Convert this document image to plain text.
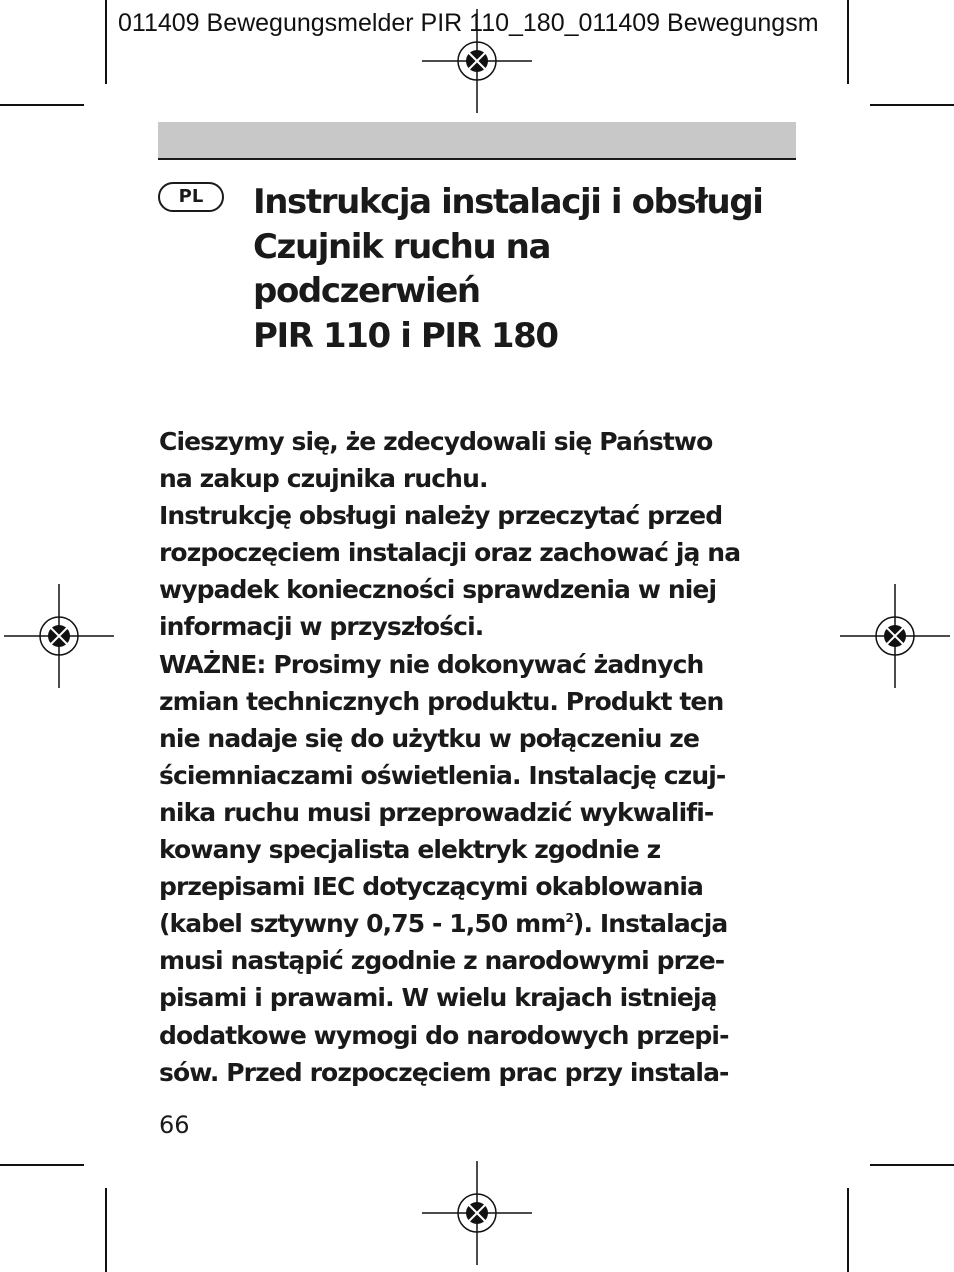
011409 Bewegungsmelder PIR 110_180_011409 Bewegungsm
PL	Instrukcja instalacji i obsługi
Czujnik ruchu na
podczerwień
PIR 110 i PIR 180
Cieszymy się, że zdecydowali się Państwo
na zakup czujnika ruchu.
Instrukcję obsługi należy przeczytać przed
rozpoczęciem instalacji oraz zachować ją na
wypadek konieczności sprawdzenia w niej
informacji w przyszłości.
WAŻNE: Prosimy nie dokonywać żadnych
zmian technicznych produktu. Produkt ten
nie nadaje się do użytku w połączeniu ze
ściemniaczami oświetlenia. Instalację czuj-
nika ruchu musi przeprowadzić wykwalifi-
kowany specjalista elektryk zgodnie z
przepisami IEC dotyczącymi okablowania
(kabel sztywny 0,75 - 1,50 $mm^2$). Instalacja
musi nastąpić zgodnie z narodowymi prze-
pisami i prawami. W wielu krajach istnieją
dodatkowe wymogi do narodowych przepi-
sów. Przed rozpoczęciem prac przy instala-
66
